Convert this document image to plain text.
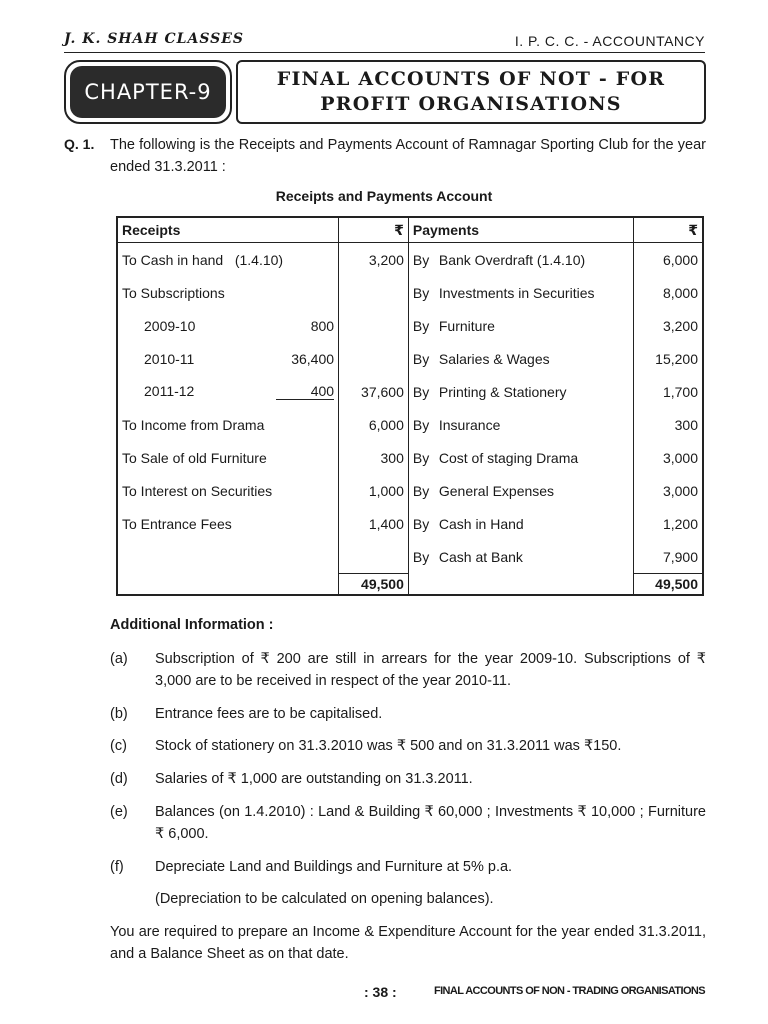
J. K. SHAH CLASSES	I. P. C. C. - ACCOUNTANCY
CHAPTER-9
FINAL ACCOUNTS OF NOT - FOR
PROFIT ORGANISATIONS
Q. 1. The following is the Receipts and Payments Account of Ramnagar Sporting Club for the year ended 31.3.2011 :
Receipts and Payments Account
Receipts	₹	Payments	₹
To Cash in hand   (1.4.10)	3,200	By Bank Overdraft (1.4.10)	6,000
To Subscriptions		By Investments in Securities	8,000

2009-10 800		By Furniture	3,200

2010-11 36,400		By Salaries & Wages	15,200

2011-12 400	37,600	By Printing & Stationery	1,700
To Income from Drama	6,000	By Insurance	300
To Sale of old Furniture	300	By Cost of staging Drama	3,000
To Interest on Securities	1,000	By General Expenses	3,000
To Entrance Fees	1,400	By Cash in Hand	1,200
		By Cash at Bank	7,900
	49,500		49,500
Additional Information :
(a) Subscription of ₹ 200 are still in arrears for the year 2009-10. Subscriptions of ₹ 3,000 are to be received in respect of the year 2010-11.
(b) Entrance fees are to be capitalised.
(c) Stock of stationery on 31.3.2010 was ₹ 500 and on 31.3.2011 was ₹150.
(d) Salaries of ₹ 1,000 are outstanding on 31.3.2011.
(e) Balances (on 1.4.2010) : Land & Building ₹ 60,000 ; Investments ₹ 10,000 ; Furniture ₹ 6,000.
(f) Depreciate Land and Buildings and Furniture at 5% p.a.
(Depreciation to be calculated on opening balances).
You are required to prepare an Income & Expenditure Account for the year ended 31.3.2011, and a Balance Sheet as on that date.
: 38 :	FINAL ACCOUNTS OF NON - TRADING ORGANISATIONS
